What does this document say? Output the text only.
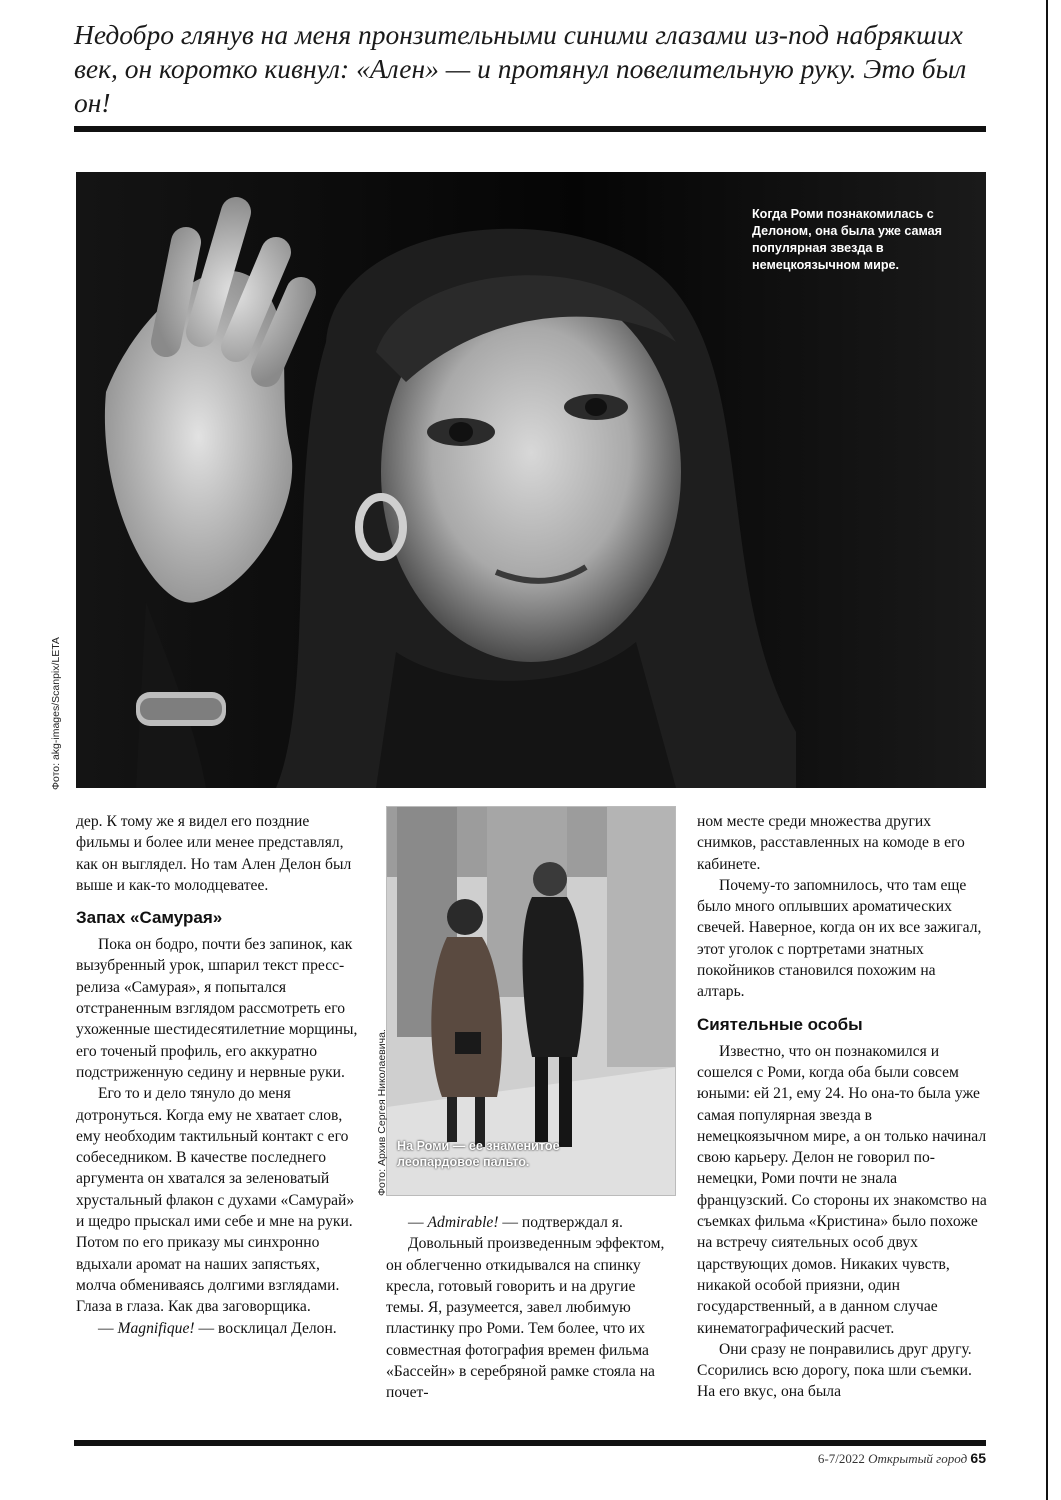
Недобро глянув на меня пронзительными синими глазами из-под набрякших век, он коротко кивнул: «Ален» — и протянул повелительную руку. Это был он!

Когда Роми познакомилась с Делоном, она была уже самая популярная звезда в немецкоязычном мире.

Фото: akg-images/Scanpix/LETA

дер. К тому же я видел его поздние фильмы и более или менее представлял, как он выглядел. Но там Ален Делон был выше и как-то молодцеватее.

Запах «Самурая»

Пока он бодро, почти без запинок, как вызубренный урок, шпарил текст пресс-релиза «Самурая», я попытался отстраненным взглядом рассмотреть его ухоженные шестидесятилетние морщины, его точеный профиль, его аккуратно подстриженную седину и нервные руки.

Его то и дело тянуло до меня дотронуться. Когда ему не хватает слов, ему необходим тактильный контакт с его собеседником. В качестве последнего аргумента он хватался за зеленоватый хрустальный флакон с духами «Самурай» и щедро прыскал ими себе и мне на руки. Потом по его приказу мы синхронно вдыхали аромат на наших запястьях, молча обмениваясь долгими взглядами. Глаза в глаза. Как два заговорщика.

— Magnifique! — восклицал Делон.

На Роми — ее знаменитое леопардовое пальто.

Фото: Архив Сергея Николаевича.

— Admirable! — подтверждал я.

Довольный произведенным эффектом, он облегченно откидывался на спинку кресла, готовый говорить и на другие темы. Я, разумеется, завел любимую пластинку про Роми. Тем более, что их совместная фотография времен фильма «Бассейн» в серебряной рамке стояла на почет-

ном месте среди множества других снимков, расставленных на комоде в его кабинете.

Почему-то запомнилось, что там еще было много оплывших ароматических свечей. Наверное, когда он их все зажигал, этот уголок с портретами знатных покойников становился похожим на алтарь.

Сиятельные особы

Известно, что он познакомился и сошелся с Роми, когда оба были совсем юными: ей 21, ему 24. Но она-то была уже самая популярная звезда в немецкоязычном мире, а он только начинал свою карьеру. Делон не говорил по-немецки, Роми почти не знала французский. Со стороны их знакомство на съемках фильма «Кристина» было похоже на встречу сиятельных особ двух царствующих домов. Никаких чувств, никакой особой приязни, один государственный, а в данном случае кинематографический расчет.

Они сразу не понравились друг другу. Ссорились всю дорогу, пока шли съемки. На его вкус, она была

6-7/2022 Открытый город 65
